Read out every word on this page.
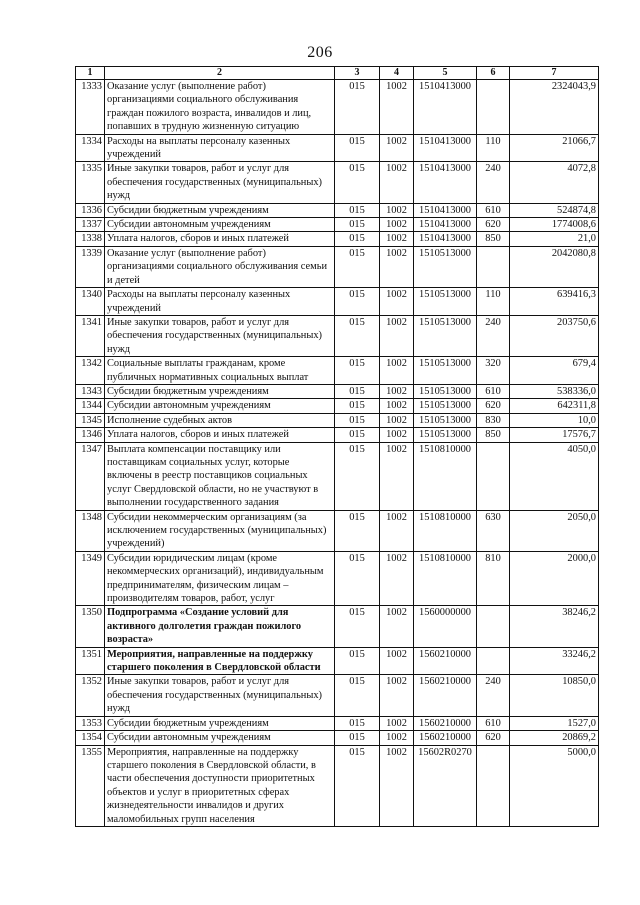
206
1	2	3	4	5	6	7
1333	Оказание услуг (выполнение работ) организациями социального обслуживания граждан пожилого возраста, инвалидов и лиц, попавших в трудную жизненную ситуацию	015	1002	1510413000		2324043,9
1334	Расходы на выплаты персоналу казенных учреждений	015	1002	1510413000	110	21066,7
1335	Иные закупки товаров, работ и услуг для обеспечения государственных (муниципальных) нужд	015	1002	1510413000	240	4072,8
1336	Субсидии бюджетным учреждениям	015	1002	1510413000	610	524874,8
1337	Субсидии автономным учреждениям	015	1002	1510413000	620	1774008,6
1338	Уплата налогов, сборов и иных платежей	015	1002	1510413000	850	21,0
1339	Оказание услуг (выполнение работ) организациями социального обслуживания семьи и детей	015	1002	1510513000		2042080,8
1340	Расходы на выплаты персоналу казенных учреждений	015	1002	1510513000	110	639416,3
1341	Иные закупки товаров, работ и услуг для обеспечения государственных (муниципальных) нужд	015	1002	1510513000	240	203750,6
1342	Социальные выплаты гражданам, кроме публичных нормативных социальных выплат	015	1002	1510513000	320	679,4
1343	Субсидии бюджетным учреждениям	015	1002	1510513000	610	538336,0
1344	Субсидии автономным учреждениям	015	1002	1510513000	620	642311,8
1345	Исполнение судебных актов	015	1002	1510513000	830	10,0
1346	Уплата налогов, сборов и иных платежей	015	1002	1510513000	850	17576,7
1347	Выплата компенсации поставщику или поставщикам социальных услуг, которые включены в реестр поставщиков социальных услуг Свердловской области, но не участвуют в выполнении государственного задания	015	1002	1510810000		4050,0
1348	Субсидии некоммерческим организациям (за исключением государственных (муниципальных) учреждений)	015	1002	1510810000	630	2050,0
1349	Субсидии юридическим лицам (кроме некоммерческих организаций), индивидуальным предпринимателям, физическим лицам – производителям товаров, работ, услуг	015	1002	1510810000	810	2000,0
1350	Подпрограмма «Создание условий для активного долголетия граждан пожилого возраста»	015	1002	1560000000		38246,2
1351	Мероприятия, направленные на поддержку старшего поколения в Свердловской области	015	1002	1560210000		33246,2
1352	Иные закупки товаров, работ и услуг для обеспечения государственных (муниципальных) нужд	015	1002	1560210000	240	10850,0
1353	Субсидии бюджетным учреждениям	015	1002	1560210000	610	1527,0
1354	Субсидии автономным учреждениям	015	1002	1560210000	620	20869,2
1355	Мероприятия, направленные на поддержку старшего поколения в Свердловской области, в части обеспечения доступности приоритетных объектов и услуг в приоритетных сферах жизнедеятельности инвалидов и других маломобильных групп населения	015	1002	15602R0270		5000,0
